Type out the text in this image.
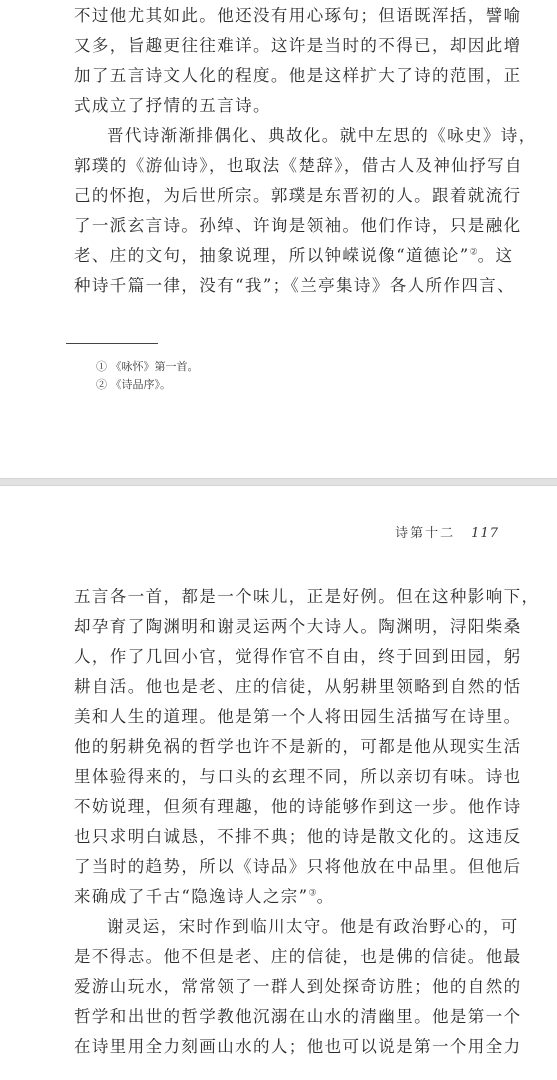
不过他尤其如此。他还没有用心琢句；但语既浑括，譬喻
又多，旨趣更往往难详。这许是当时的不得已，却因此增
加了五言诗文人化的程度。他是这样扩大了诗的范围，正
式成立了抒情的五言诗。
晋代诗渐渐排偶化、典故化。就中左思的《咏史》诗，
郭璞的《游仙诗》，也取法《楚辞》，借古人及神仙抒写自
己的怀抱，为后世所宗。郭璞是东晋初的人。跟着就流行
了一派玄言诗。孙绰、许询是领袖。他们作诗，只是融化
老、庄的文句，抽象说理，所以钟嵘说像“道德论”②。这
种诗千篇一律，没有“我”；《兰亭集诗》各人所作四言、
① 《咏怀》第一首。
② 《诗品序》。
诗第十二 117
五言各一首，都是一个味儿，正是好例。但在这种影响下，
却孕育了陶渊明和谢灵运两个大诗人。陶渊明，浔阳柴桑
人，作了几回小官，觉得作官不自由，终于回到田园，躬
耕自活。他也是老、庄的信徒，从躬耕里领略到自然的恬
美和人生的道理。他是第一个人将田园生活描写在诗里。
他的躬耕免祸的哲学也许不是新的，可都是他从现实生活
里体验得来的，与口头的玄理不同，所以亲切有味。诗也
不妨说理，但须有理趣，他的诗能够作到这一步。他作诗
也只求明白诚恳，不排不典；他的诗是散文化的。这违反
了当时的趋势，所以《诗品》只将他放在中品里。但他后
来确成了千古“隐逸诗人之宗”③。
谢灵运，宋时作到临川太守。他是有政治野心的，可
是不得志。他不但是老、庄的信徒，也是佛的信徒。他最
爱游山玩水，常常领了一群人到处探奇访胜；他的自然的
哲学和出世的哲学教他沉溺在山水的清幽里。他是第一个
在诗里用全力刻画山水的人；他也可以说是第一个用全力
